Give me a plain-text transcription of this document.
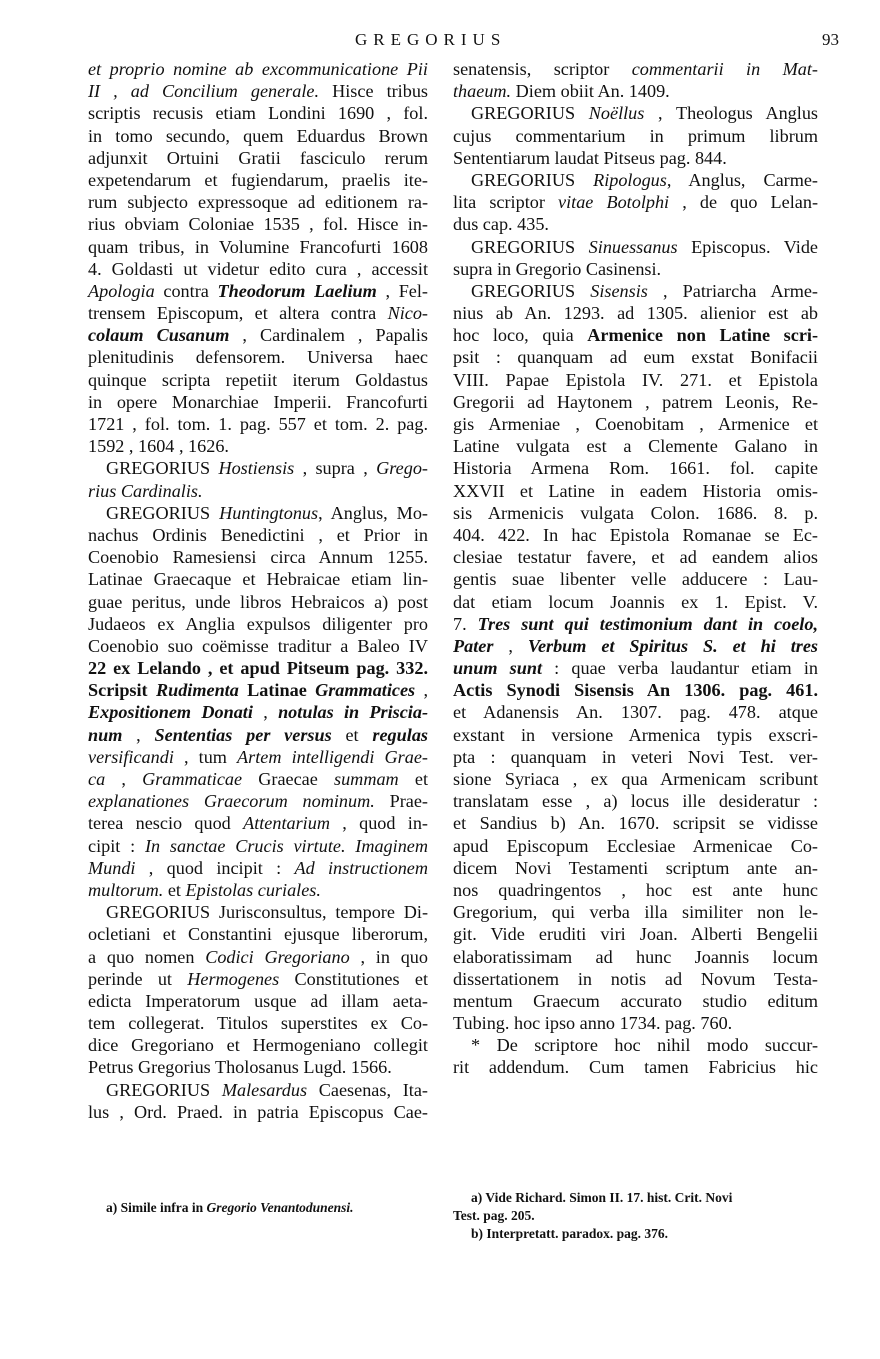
GREGORIUS	93
et proprio nomine ab excommunicatione Pii
II , ad Concilium generale. Hisce tribus
scriptis recusis etiam Londini 1690 , fol.
in tomo secundo, quem Eduardus Brown
adjunxit Ortuini Gratii fasciculo rerum
expetendarum et fugiendarum, praelis ite-
rum subjecto expressoque ad editionem ra-
rius obviam Coloniae 1535 , fol. Hisce in-
quam tribus, in Volumine Francofurti 1608
4. Goldasti ut videtur edito cura , accessit
Apologia contra Theodorum Laelium , Fel-
trensem Episcopum, et altera contra Nico-
colaum Cusanum , Cardinalem , Papalis
plenitudinis defensorem. Universa haec
quinque scripta repetiit iterum Goldastus
in opere Monarchiae Imperii. Francofurti
1721 , fol. tom. 1. pag. 557 et tom. 2. pag.
1592 , 1604 , 1626.
GREGORIUS Hostiensis , supra , Grego-
rius Cardinalis.
GREGORIUS Huntingtonus, Anglus, Mo-
nachus Ordinis Benedictini , et Prior in
Coenobio Ramesiensi circa Annum 1255.
Latinae Graecaque et Hebraicae etiam lin-
guae peritus, unde libros Hebraicos a) post
Judaeos ex Anglia expulsos diligenter pro
Coenobio suo coëmisse traditur a Baleo IV
22 ex Lelando , et apud Pitseum pag. 332.
Scripsit Rudimenta Latinae Grammatices ,
Expositionem Donati , notulas in Priscia-
num , Sententias per versus et regulas
versificandi , tum Artem intelligendi Grae-
ca , Grammaticae Graecae summam et
explanationes Graecorum nominum. Prae-
terea nescio quod Attentarium , quod in-
cipit : In sanctae Crucis virtute. Imaginem
Mundi , quod incipit : Ad instructionem
multorum. et Epistolas curiales.
GREGORIUS Jurisconsultus, tempore Di-
ocletiani et Constantini ejusque liberorum,
a quo nomen Codici Gregoriano , in quo
perinde ut Hermogenes Constitutiones et
edicta Imperatorum usque ad illam aeta-
tem collegerat. Titulos superstites ex Co-
dice Gregoriano et Hermogeniano collegit
Petrus Gregorius Tholosanus Lugd. 1566.
GREGORIUS Malesardus Caesenas, Ita-
lus , Ord. Praed. in patria Episcopus Cae-
senatensis, scriptor commentarii in Mat-
thaeum. Diem obiit An. 1409.
GREGORIUS Noëllus , Theologus Anglus
cujus commentarium in primum librum
Sententiarum laudat Pitseus pag. 844.
GREGORIUS Ripologus, Anglus, Carme-
lita scriptor vitae Botolphi , de quo Lelan-
dus cap. 435.
GREGORIUS Sinuessanus Episcopus. Vide
supra in Gregorio Casinensi.
GREGORIUS Sisensis , Patriarcha Arme-
nius ab An. 1293. ad 1305. alienior est ab
hoc loco, quia Armenice non Latine scri-
psit : quanquam ad eum exstat Bonifacii
VIII. Papae Epistola IV. 271. et Epistola
Gregorii ad Haytonem , patrem Leonis, Re-
gis Armeniae , Coenobitam , Armenice et
Latine vulgata est a Clemente Galano in
Historia Armena Rom. 1661. fol. capite
XXVII et Latine in eadem Historia omis-
sis Armenicis vulgata Colon. 1686. 8. p.
404. 422. In hac Epistola Romanae se Ec-
clesiae testatur favere, et ad eandem alios
gentis suae libenter velle adducere : Lau-
dat etiam locum Joannis ex 1. Epist. V.
7. Tres sunt qui testimonium dant in coelo,
Pater , Verbum et Spiritus S. et hi tres
unum sunt : quae verba laudantur etiam in
Actis Synodi Sisensis An 1306. pag. 461.
et Adanensis An. 1307. pag. 478. atque
exstant in versione Armenica typis exscri-
pta : quanquam in veteri Novi Test. ver-
sione Syriaca , ex qua Armenicam scribunt
translatam esse , a) locus ille desideratur :
et Sandius b) An. 1670. scripsit se vidisse
apud Episcopum Ecclesiae Armenicae Co-
dicem Novi Testamenti scriptum ante an-
nos quadringentos , hoc est ante hunc
Gregorium, qui verba illa similiter non le-
git. Vide eruditi viri Joan. Alberti Bengelii
elaboratissimam ad hunc Joannis locum
dissertationem in notis ad Novum Testa-
mentum Graecum accurato studio editum
Tubing. hoc ipso anno 1734. pag. 760.
* De scriptore hoc nihil modo succur-
rit addendum. Cum tamen Fabricius hic
a) Simile infra in Gregorio Venantodunensi.
a) Vide Richard. Simon II. 17. hist. Crit. Novi
Test. pag. 205.
b) Interpretatt. paradox. pag. 376.
